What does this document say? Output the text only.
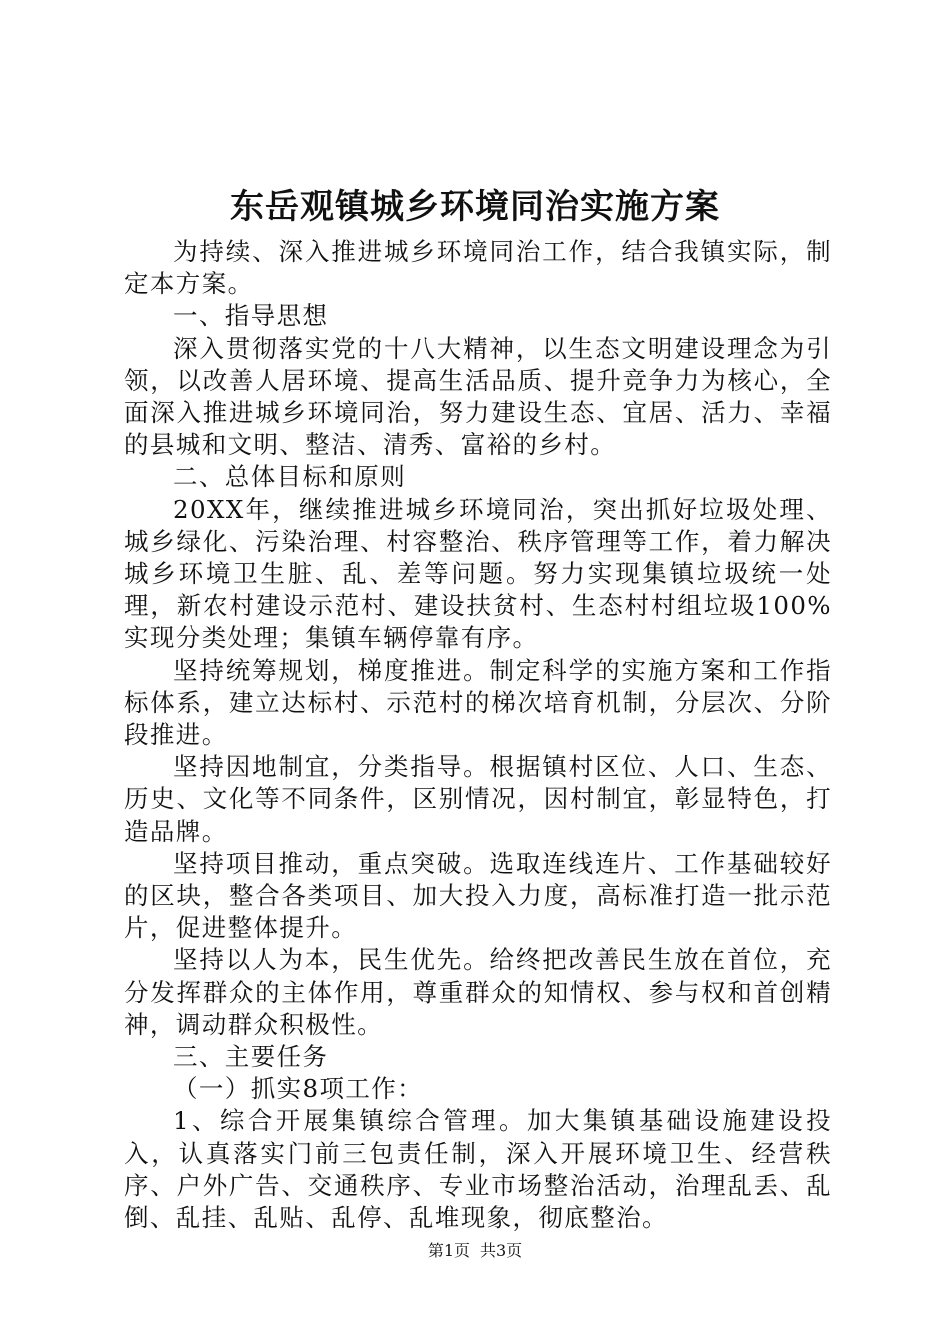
东岳观镇城乡环境同治实施方案

为持续、深入推进城乡环境同治工作，结合我镇实际，制定本方案。

一、指导思想

深入贯彻落实党的十八大精神，以生态文明建设理念为引领，以改善人居环境、提高生活品质、提升竞争力为核心，全面深入推进城乡环境同治，努力建设生态、宜居、活力、幸福的县城和文明、整洁、清秀、富裕的乡村。

二、总体目标和原则

20XX年，继续推进城乡环境同治，突出抓好垃圾处理、城乡绿化、污染治理、村容整治、秩序管理等工作，着力解决城乡环境卫生脏、乱、差等问题。努力实现集镇垃圾统一处理，新农村建设示范村、建设扶贫村、生态村村组垃圾100%实现分类处理；集镇车辆停靠有序。

坚持统筹规划，梯度推进。制定科学的实施方案和工作指标体系，建立达标村、示范村的梯次培育机制，分层次、分阶段推进。

坚持因地制宜，分类指导。根据镇村区位、人口、生态、历史、文化等不同条件，区别情况，因村制宜，彰显特色，打造品牌。

坚持项目推动，重点突破。选取连线连片、工作基础较好的区块，整合各类项目、加大投入力度，高标准打造一批示范片，促进整体提升。

坚持以人为本，民生优先。给终把改善民生放在首位，充分发挥群众的主体作用，尊重群众的知情权、参与权和首创精神，调动群众积极性。

三、主要任务

（一）抓实8项工作：

1、综合开展集镇综合管理。加大集镇基础设施建设投入，认真落实门前三包责任制，深入开展环境卫生、经营秩序、户外广告、交通秩序、专业市场整治活动，治理乱丢、乱倒、乱挂、乱贴、乱停、乱堆现象，彻底整治。

第1页 共3页
